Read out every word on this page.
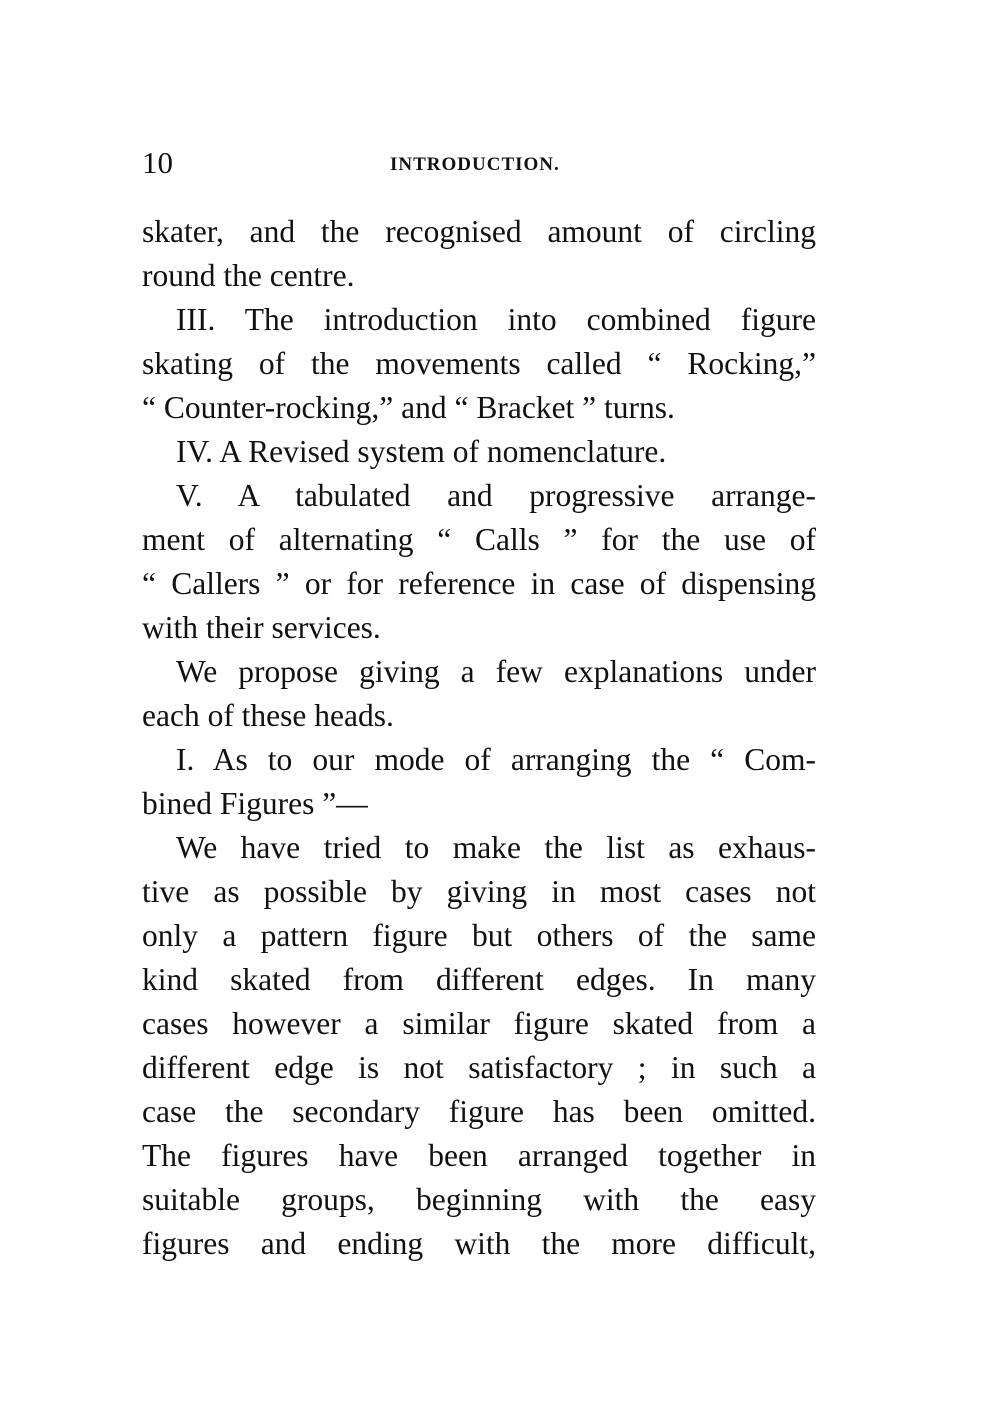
10	INTRODUCTION.
skater, and the recognised amount of circling
round the centre.
III. The introduction into combined figure
skating of the movements called “ Rocking,”
“ Counter-rocking,” and “ Bracket ” turns.
IV. A Revised system of nomenclature.
V. A tabulated and progressive arrange-
ment of alternating “ Calls ” for the use of
“ Callers ” or for reference in case of dispensing
with their services.
We propose giving a few explanations under
each of these heads.
I. As to our mode of arranging the “ Com-
bined Figures ”—
We have tried to make the list as exhaus-
tive as possible by giving in most cases not
only a pattern figure but others of the same
kind skated from different edges. In many
cases however a similar figure skated from a
different edge is not satisfactory ; in such a
case the secondary figure has been omitted.
The figures have been arranged together in
suitable groups, beginning with the easy
figures and ending with the more difficult,
